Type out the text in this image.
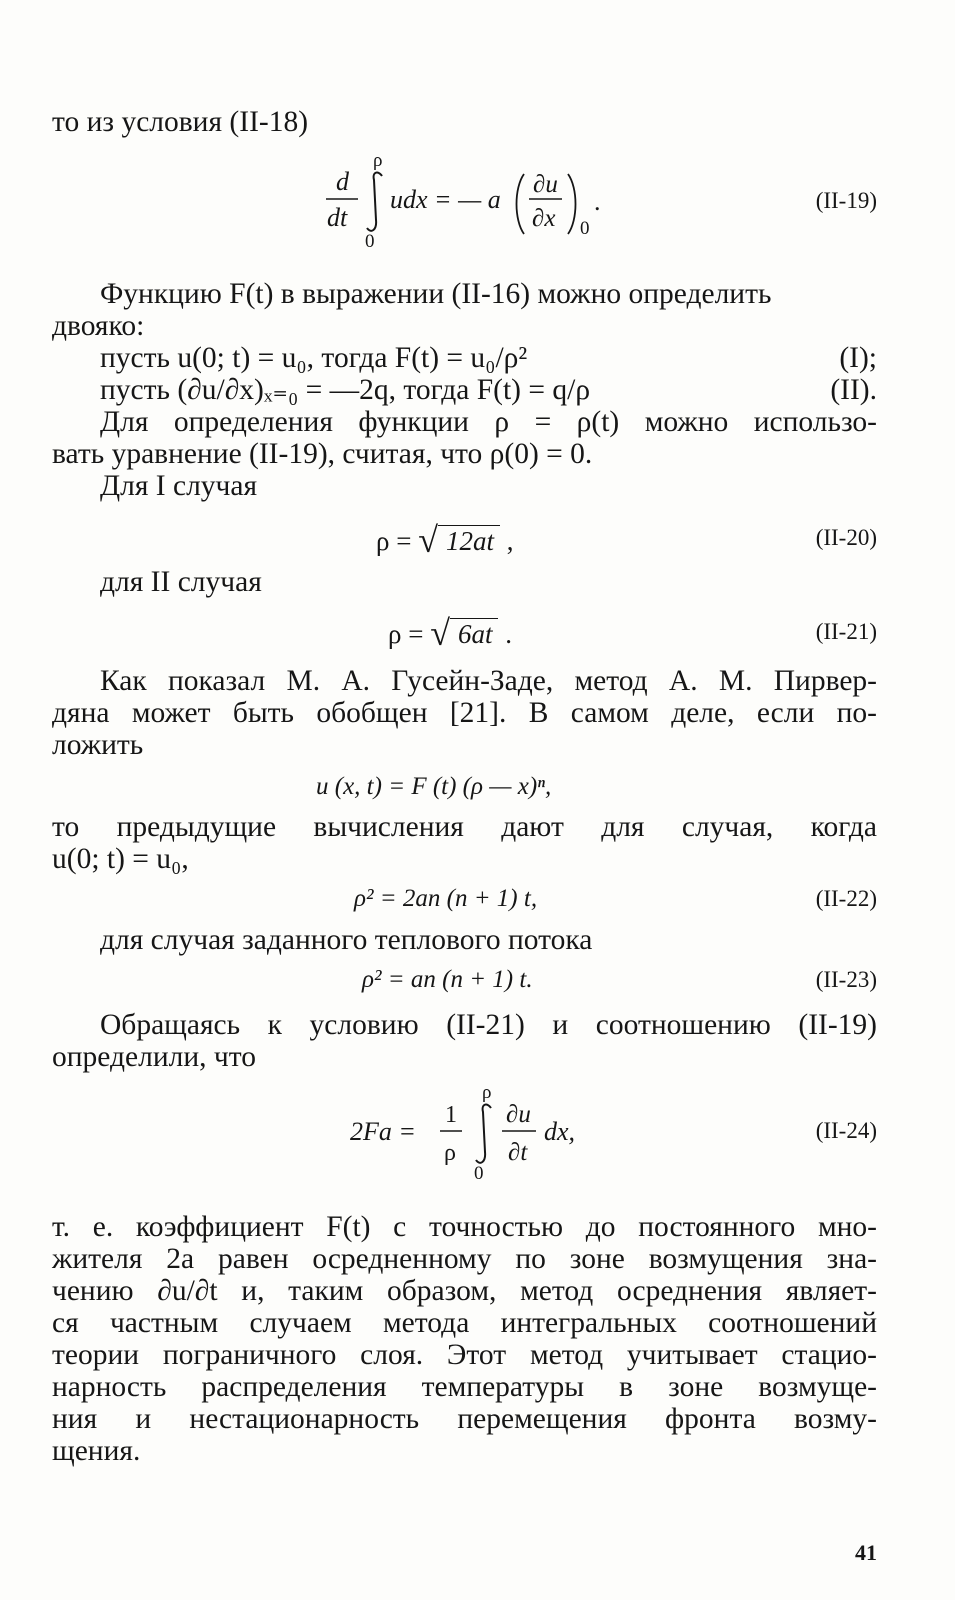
то из условия (II-18)
d
dt
ρ
0
udx = — a
∂u
∂x 0
.	(II-19)
Функцию F(t) в выражении (II-16) можно определить
двояко:
пусть u(0; t) = u₀, тогда F(t) = u₀/ρ²	(I);
пусть (∂u/∂x)ₓ₌₀ = —2q, тогда F(t) = q/ρ	(II).
Для определения функции ρ = ρ(t) можно использо-
вать уравнение (II-19), считая, что ρ(0) = 0.
Для I случая
ρ = √ 12at ,	(II-20)
для II случая
ρ = √ 6at .	(II-21)
Как показал М. А. Гусейн-Заде, метод А. М. Пирвер-
дяна может быть обобщен [21]. В самом деле, если по-
ложить
u (x, t) = F (t) (ρ — x)ⁿ,
то предыдущие вычисления дают для случая, когда
u(0; t) = u₀,
ρ² = 2an (n + 1) t,	(II-22)
для случая заданного теплового потока
ρ² = an (n + 1) t.	(II-23)
Обращаясь к условию (II-21) и соотношению (II-19)
определили, что
2Fa =
1
ρ
ρ
0
∂u
∂t
dx,	(II-24)
т. е. коэффициент F(t) с точностью до постоянного мно-
жителя 2a равен осредненному по зоне возмущения зна-
чению ∂u/∂t и, таким образом, метод осреднения являет-
ся частным случаем метода интегральных соотношений
теории пограничного слоя. Этот метод учитывает стацио-
нарность распределения температуры в зоне возмуще-
ния и нестационарность перемещения фронта возму-
щения.
41
